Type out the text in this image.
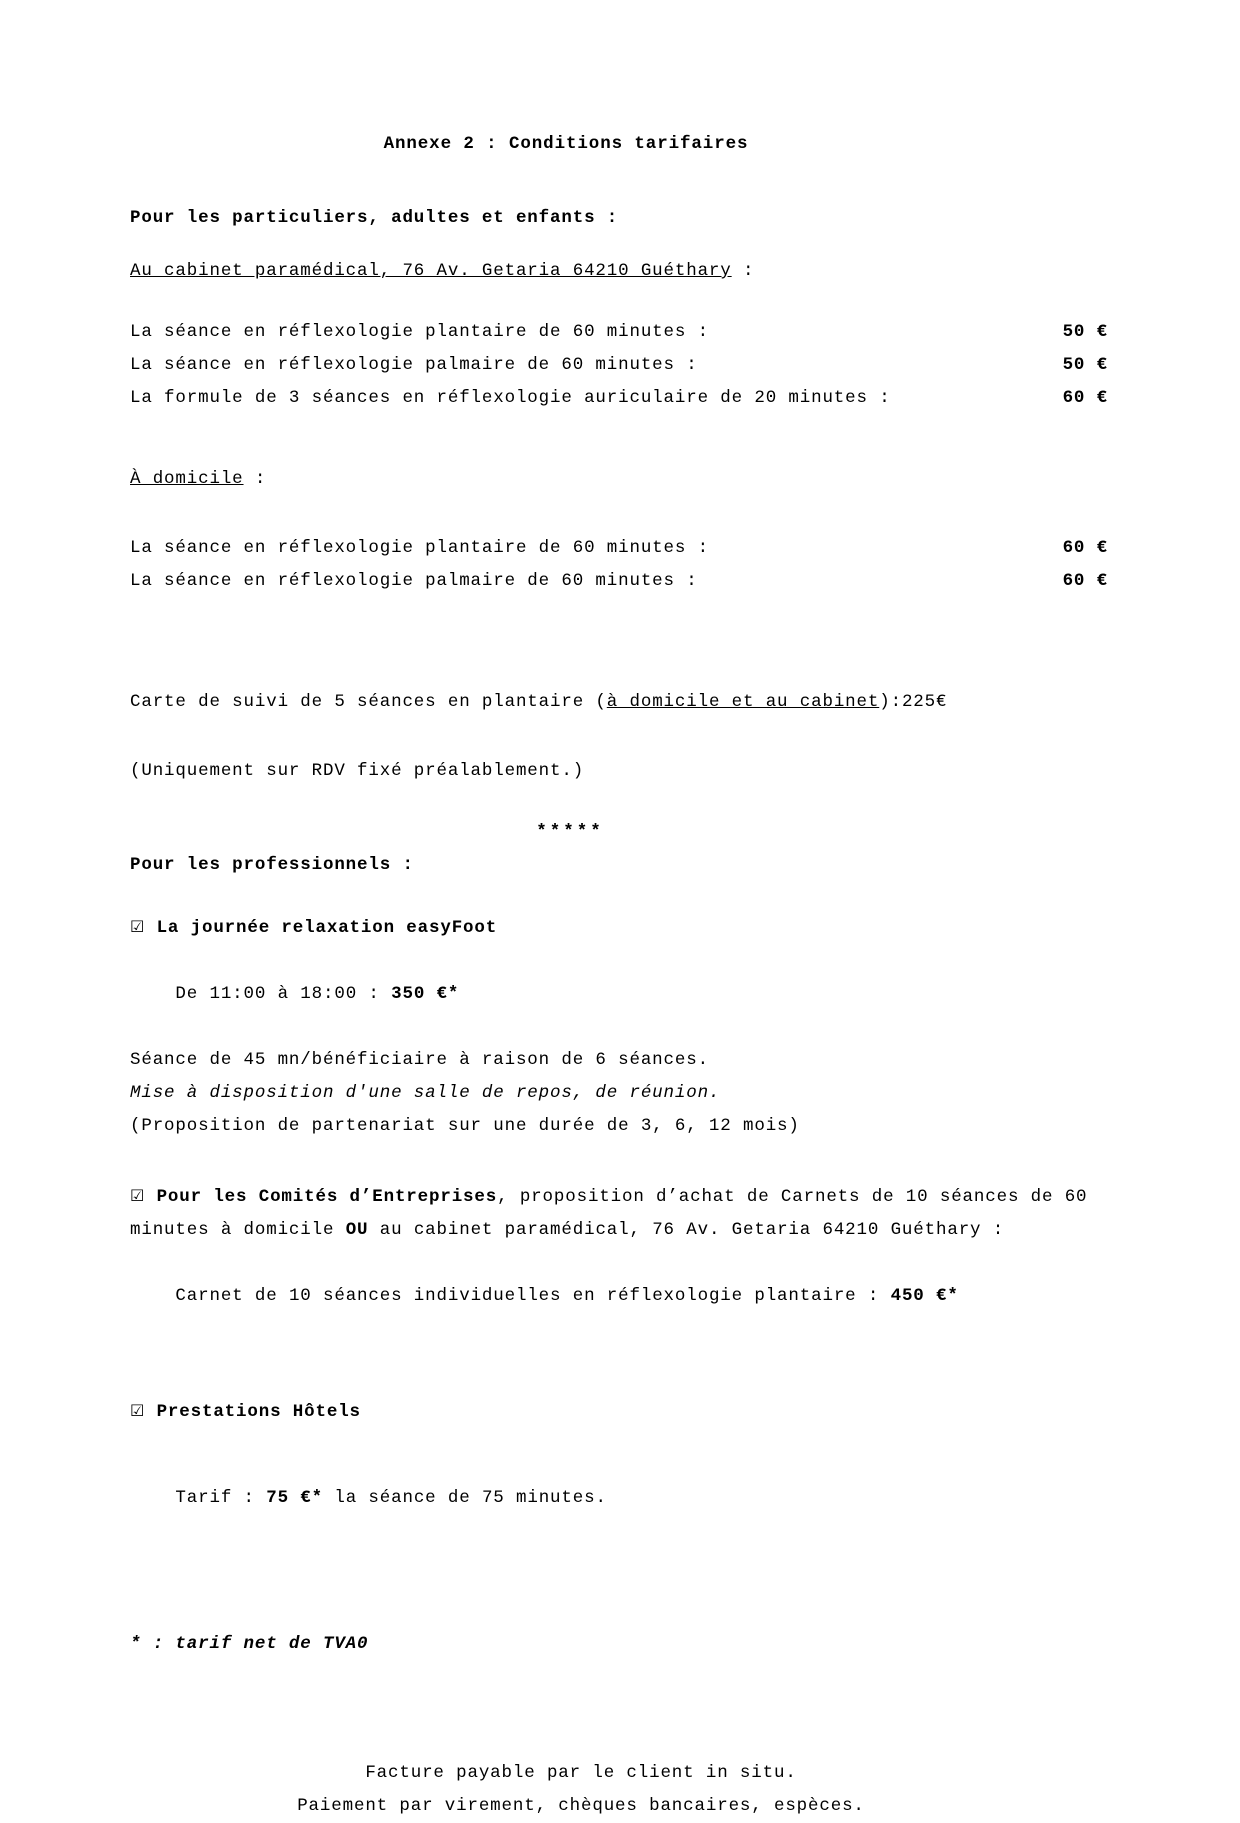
Annexe 2 : Conditions tarifaires
Pour les particuliers, adultes et enfants :
Au cabinet paramédical, 76 Av. Getaria 64210 Guéthary :
La séance en réflexologie plantaire de 60 minutes :	50 €
La séance en réflexologie palmaire de 60 minutes :	50 €
La formule de 3 séances en réflexologie auriculaire de 20 minutes :	60 €
À domicile :
La séance en réflexologie plantaire de 60 minutes :	60 €
La séance en réflexologie palmaire de 60 minutes :	60 €
Carte de suivi de 5 séances en plantaire ( à domicile et au cabinet ): 225€
(Uniquement sur RDV fixé préalablement.)
*****
Pour les professionnels :
☑ La journée relaxation easyFoot

De 11:00 à 18:00 : 350 €*

Séance de 45 mn/bénéficiaire à raison de 6 séances.
Mise à disposition d'une salle de repos, de réunion.
(Proposition de partenariat sur une durée de 3, 6, 12 mois)
☑ Pour les Comités d’Entreprises, proposition d’achat de Carnets de 10 séances de 60 minutes à domicile OU au cabinet paramédical, 76 Av. Getaria 64210 Guéthary :

Carnet de 10 séances individuelles en réflexologie plantaire : 450 €*

☑ Prestations Hôtels

Tarif : 75 €* la séance de 75 minutes.

* : tarif net de TVA0
Facture payable par le client in situ.
Paiement par virement, chèques bancaires, espèces.
